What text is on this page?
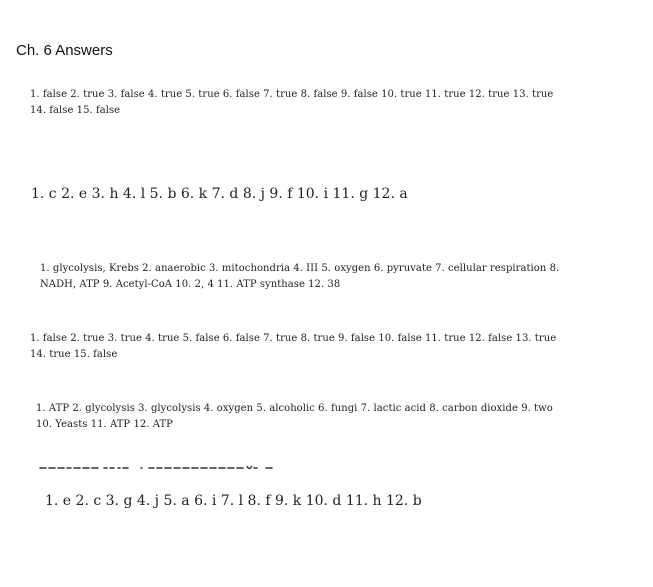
Ch. 6 Answers
1. false 2. true 3. false 4. true 5. true 6. false 7. true 8. false 9. false 10. true 11. true 12. true 13. true
14. false 15. false
1. c 2. e 3. h 4. l 5. b 6. k 7. d 8. j 9. f 10. i 11. g 12. a
1. glycolysis, Krebs 2. anaerobic 3. mitochondria 4. III 5. oxygen 6. pyruvate 7. cellular respiration 8.
NADH, ATP 9. Acetyl-CoA 10. 2, 4 11. ATP synthase 12. 38
1. false 2. true 3. true 4. true 5. false 6. false 7. true 8. true 9. false 10. false 11. true 12. false 13. true
14. true 15. false
1. ATP 2. glycolysis 3. glycolysis 4. oxygen 5. alcoholic 6. fungi 7. lactic acid 8. carbon dioxide 9. two
10. Yeasts 11. ATP 12. ATP
1. e 2. c 3. g 4. j 5. a 6. i 7. l 8. f 9. k 10. d 11. h 12. b
